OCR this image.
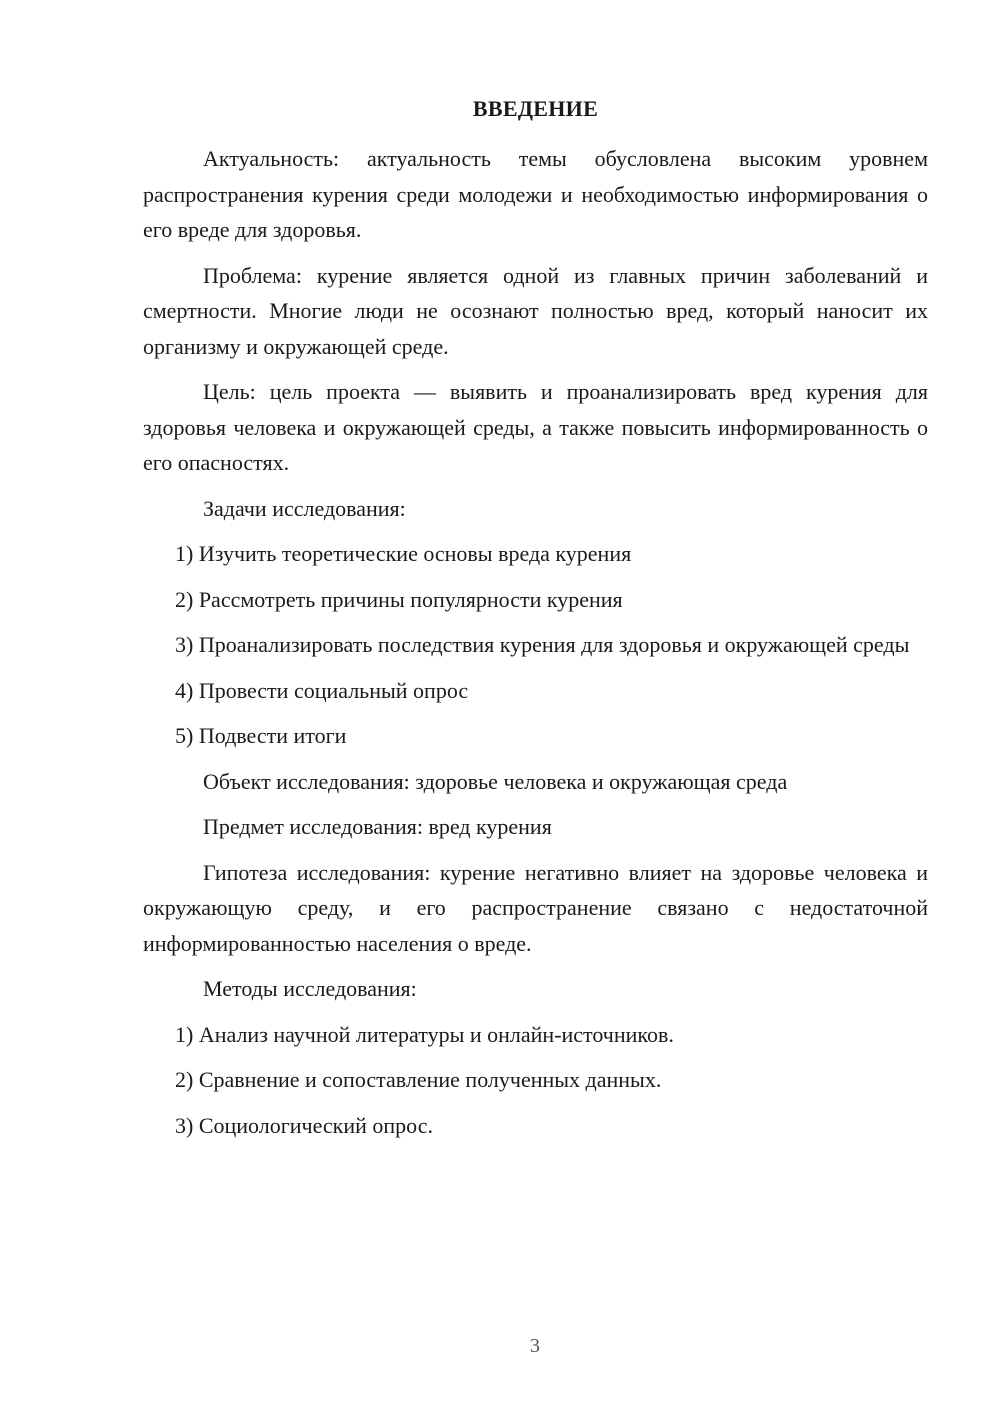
ВВЕДЕНИЕ

Актуальность: актуальность темы обусловлена высоким уровнем распространения курения среди молодежи и необходимостью информирования о его вреде для здоровья.

Проблема: курение является одной из главных причин заболеваний и смертности. Многие люди не осознают полностью вред, который наносит их организму и окружающей среде.

Цель: цель проекта — выявить и проанализировать вред курения для здоровья человека и окружающей среды, а также повысить информированность о его опасностях.

Задачи исследования:

1) Изучить теоретические основы вреда курения

2) Рассмотреть причины популярности курения

3) Проанализировать последствия курения для здоровья и окружающей среды

4) Провести социальный опрос

5) Подвести итоги

Объект исследования: здоровье человека и окружающая среда

Предмет исследования: вред курения

Гипотеза исследования: курение негативно влияет на здоровье человека и окружающую среду, и его распространение связано с недостаточной информированностью населения о вреде.

Методы исследования:

1) Анализ научной литературы и онлайн-источников.

2) Сравнение и сопоставление полученных данных.

3) Социологический опрос.

3
